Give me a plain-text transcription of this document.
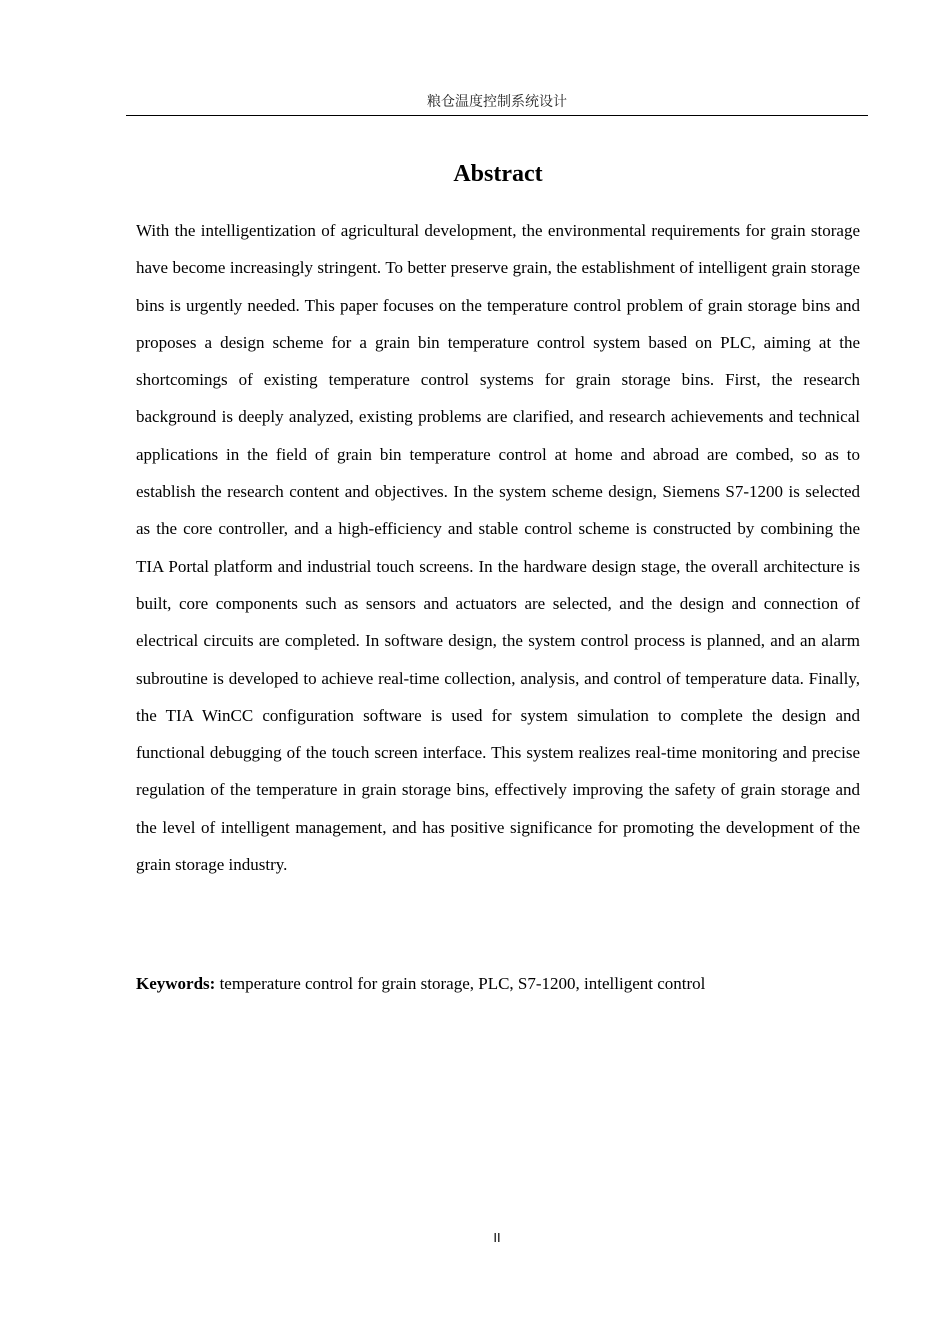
粮仓温度控制系统设计
Abstract

With the intelligentization of agricultural development, the environmental requirements for grain storage have become increasingly stringent. To better preserve grain, the establishment of intelligent grain storage bins is urgently needed. This paper focuses on the temperature control problem of grain storage bins and proposes a design scheme for a grain bin temperature control system based on PLC, aiming at the shortcomings of existing temperature control systems for grain storage bins. First, the research background is deeply analyzed, existing problems are clarified, and research achievements and technical applications in the field of grain bin temperature control at home and abroad are combed, so as to establish the research content and objectives. In the system scheme design, Siemens S7-1200 is selected as the core controller, and a high-efficiency and stable control scheme is constructed by combining the TIA Portal platform and industrial touch screens. In the hardware design stage, the overall architecture is built, core components such as sensors and actuators are selected, and the design and connection of electrical circuits are completed. In software design, the system control process is planned, and an alarm subroutine is developed to achieve real-time collection, analysis, and control of temperature data. Finally, the TIA WinCC configuration software is used for system simulation to complete the design and functional debugging of the touch screen interface. This system realizes real-time monitoring and precise regulation of the temperature in grain storage bins, effectively improving the safety of grain storage and the level of intelligent management, and has positive significance for promoting the development of the grain storage industry.

Keywords: temperature control for grain storage, PLC, S7-1200, intelligent control

II
